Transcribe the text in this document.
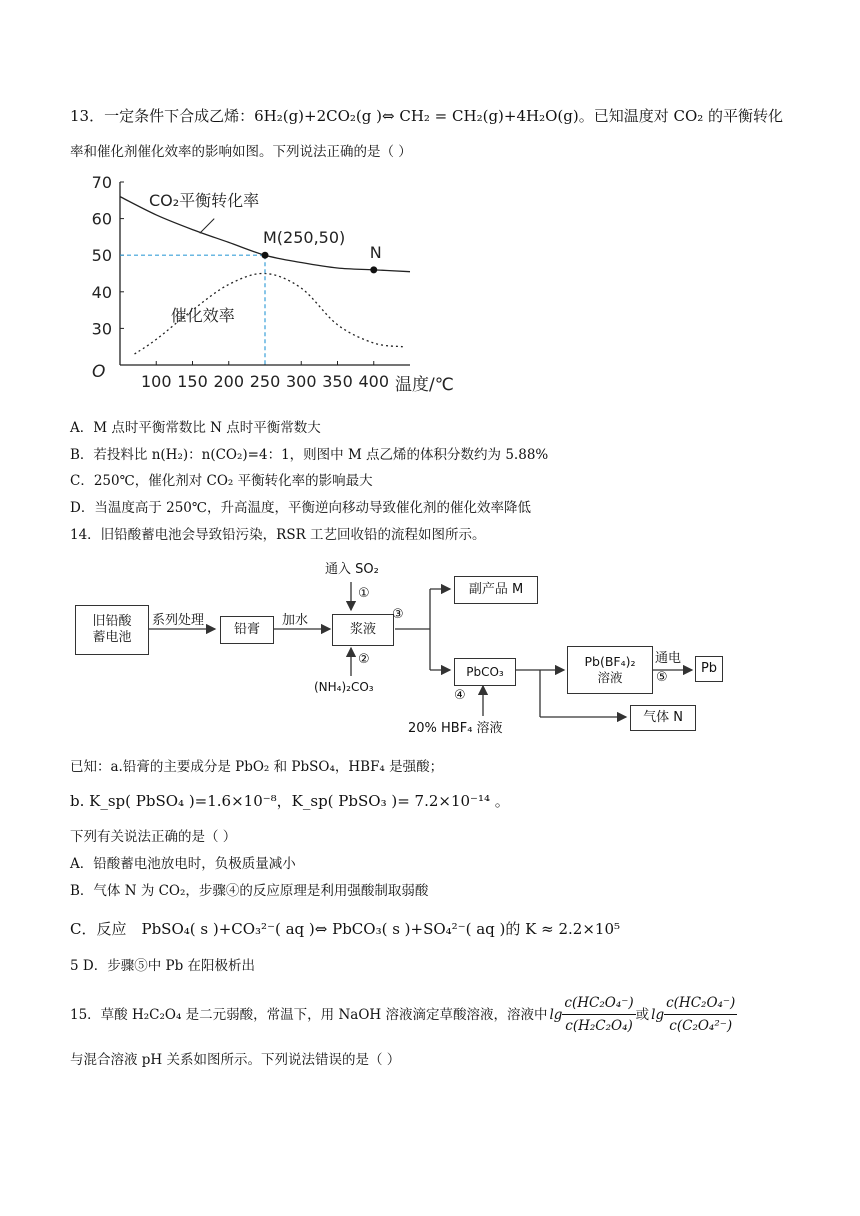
13．一定条件下合成乙烯：6H₂(g)+2CO₂(g )⇔ CH₂ = CH₂(g)+4H₂O(g)。已知温度对 CO₂ 的平衡转化
率和催化剂催化效率的影响如图。下列说法正确的是（ ）
30
40
50
60
70
100 150 200 250 300 350 400
O
温度/℃
CO₂平衡转化率
催化效率
M(250,50)
N
A．M 点时平衡常数比 N 点时平衡常数大
B．若投料比 n(H₂)：n(CO₂)=4：1，则图中 M 点乙烯的体积分数约为 5.88%
C．250℃，催化剂对 CO₂ 平衡转化率的影响最大
D．当温度高于 250℃，升高温度，平衡逆向移动导致催化剂的催化效率降低
14．旧铅酸蓄电池会导致铅污染，RSR 工艺回收铅的流程如图所示。
旧铅酸
蓄电池
系列处理
铅膏
加水
浆液
通入 SO₂
①
②
(NH₄)₂CO₃
③
副产品 M
PbCO₃
④
20% HBF₄ 溶液
Pb(BF₄)₂
溶液
通电
⑤
Pb
气体 N
已知：a.铅膏的主要成分是 PbO₂ 和 PbSO₄，HBF₄ 是强酸；
b. K_sp( PbSO₄ )=1.6×10⁻⁸，K_sp( PbSO₃ )= 7.2×10⁻¹⁴ 。
下列有关说法正确的是（ ）
A．铅酸蓄电池放电时，负极质量减小
B．气体 N 为 CO₂，步骤④的反应原理是利用强酸制取弱酸
C．反应　PbSO₄( s )+CO₃²⁻( aq )⇔ PbCO₃( s )+SO₄²⁻( aq )的 K ≈ 2.2×10⁵
5 D．步骤⑤中 Pb 在阳极析出
15．草酸 H₂C₂O₄ 是二元弱酸，常温下，用 NaOH 溶液滴定草酸溶液，溶液中 $\lg \frac{\text{c(HC₂O₄⁻)}}{\text{c(H₂C₂O₄)}}$ 或 $\lg \frac{\text{c(HC₂O₄⁻)}}{\text{c(C₂O₄²⁻)}}$
与混合溶液 pH 关系如图所示。下列说法错误的是（ ）
